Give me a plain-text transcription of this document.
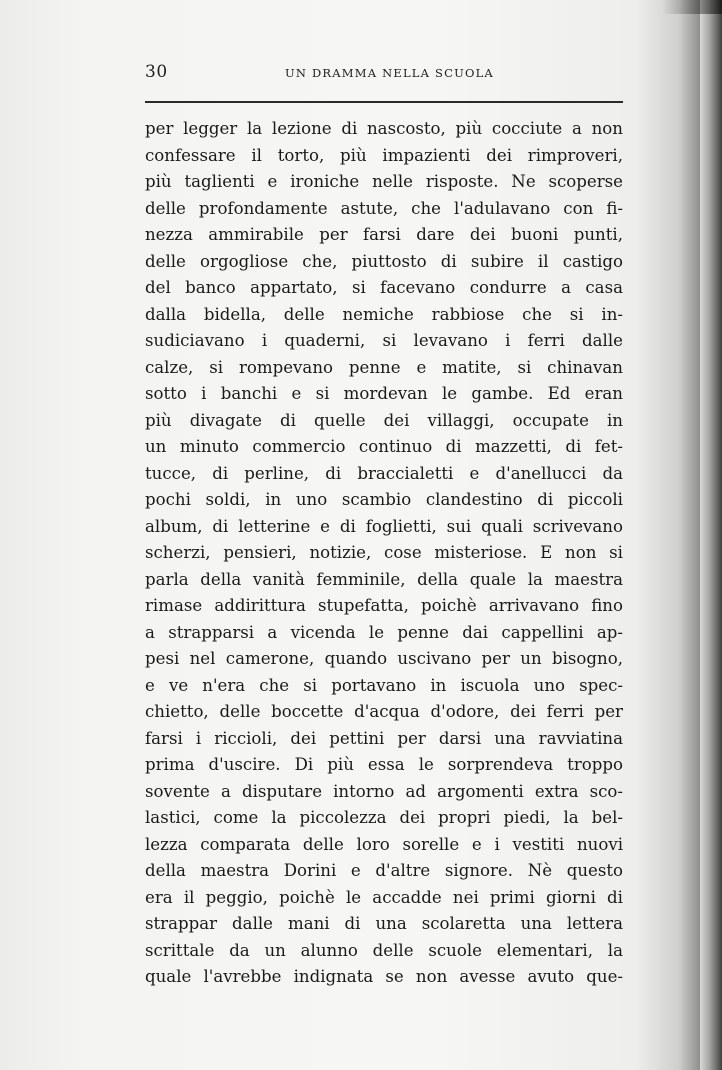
30	UN DRAMMA NELLA SCUOLA
per legger la lezione di nascosto, più cocciute a non
confessare il torto, più impazienti dei rimproveri,
più taglienti e ironiche nelle risposte. Ne scoperse
delle profondamente astute, che l'adulavano con fi-
nezza ammirabile per farsi dare dei buoni punti,
delle orgogliose che, piuttosto di subire il castigo
del banco appartato, si facevano condurre a casa
dalla bidella, delle nemiche rabbiose che si in-
sudiciavano i quaderni, si levavano i ferri dalle
calze, si rompevano penne e matite, si chinavan
sotto i banchi e si mordevan le gambe. Ed eran
più divagate di quelle dei villaggi, occupate in
un minuto commercio continuo di mazzetti, di fet-
tucce, di perline, di braccialetti e d'anellucci da
pochi soldi, in uno scambio clandestino di piccoli
album, di letterine e di foglietti, sui quali scrivevano
scherzi, pensieri, notizie, cose misteriose. E non si
parla della vanità femminile, della quale la maestra
rimase addirittura stupefatta, poichè arrivavano fino
a strapparsi a vicenda le penne dai cappellini ap-
pesi nel camerone, quando uscivano per un bisogno,
e ve n'era che si portavano in iscuola uno spec-
chietto, delle boccette d'acqua d'odore, dei ferri per
farsi i riccioli, dei pettini per darsi una ravviatina
prima d'uscire. Di più essa le sorprendeva troppo
sovente a disputare intorno ad argomenti extra sco-
lastici, come la piccolezza dei propri piedi, la bel-
lezza comparata delle loro sorelle e i vestiti nuovi
della maestra Dorini e d'altre signore. Nè questo
era il peggio, poichè le accadde nei primi giorni di
strappar dalle mani di una scolaretta una lettera
scrittale da un alunno delle scuole elementari, la
quale l'avrebbe indignata se non avesse avuto que-
